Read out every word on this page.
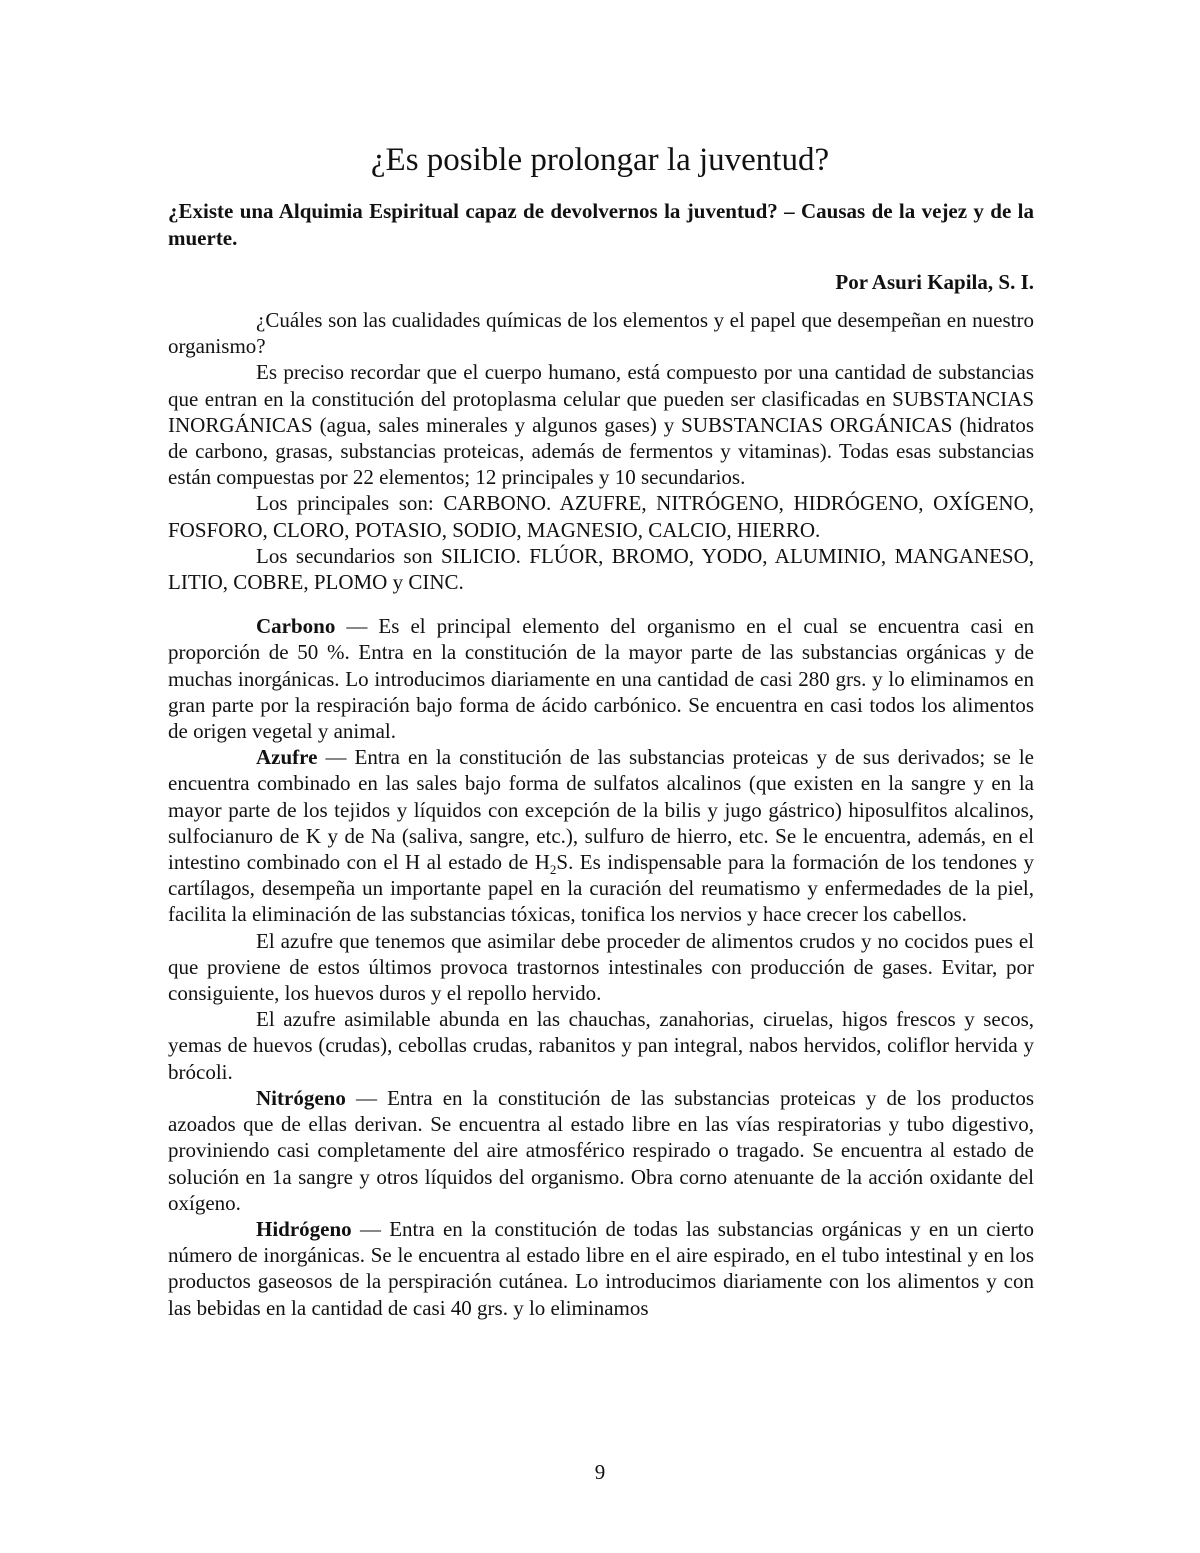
¿Es posible prolongar la juventud?

¿Existe una Alquimia Espiritual capaz de devolvernos la juventud? – Causas de la vejez y de la muerte.

Por Asuri Kapila, S. I.

¿Cuáles son las cualidades químicas de los elementos y el papel que desempeñan en nuestro organismo?

Es preciso recordar que el cuerpo humano, está compuesto por una cantidad de substancias que entran en la constitución del protoplasma celular que pueden ser clasificadas en SUBSTANCIAS INORGÁNICAS (agua, sales minerales y algunos gases) y SUBSTANCIAS ORGÁNICAS (hidratos de carbono, grasas, substancias proteicas, además de fermentos y vitaminas). Todas esas substancias están compuestas por 22 elementos; 12 principales y 10 secundarios.

Los principales son: CARBONO. AZUFRE, NITRÓGENO, HIDRÓGENO, OXÍGENO, FOSFORO, CLORO, POTASIO, SODIO, MAGNESIO, CALCIO, HIERRO.

Los secundarios son SILICIO. FLÚOR, BROMO, YODO, ALUMINIO, MANGANESO, LITIO, COBRE, PLOMO y CINC.

Carbono — Es el principal elemento del organismo en el cual se encuentra casi en proporción de 50 %. Entra en la constitución de la mayor parte de las substancias orgánicas y de muchas inorgánicas. Lo introducimos diariamente en una cantidad de casi 280 grs. y lo eliminamos en gran parte por la respiración bajo forma de ácido carbónico. Se encuentra en casi todos los alimentos de origen vegetal y animal.

Azufre — Entra en la constitución de las substancias proteicas y de sus derivados; se le encuentra combinado en las sales bajo forma de sulfatos alcalinos (que existen en la sangre y en la mayor parte de los tejidos y líquidos con excepción de la bilis y jugo gástrico) hiposulfitos alcalinos, sulfocianuro de K y de Na (saliva, sangre, etc.), sulfuro de hierro, etc. Se le encuentra, además, en el intestino combinado con el H al estado de $H_2S$. Es indispensable para la formación de los tendones y cartílagos, desempeña un importante papel en la curación del reumatismo y enfermedades de la piel, facilita la eliminación de las substancias tóxicas, tonifica los nervios y hace crecer los cabellos.

El azufre que tenemos que asimilar debe proceder de alimentos crudos y no cocidos pues el que proviene de estos últimos provoca trastornos intestinales con producción de gases. Evitar, por consiguiente, los huevos duros y el repollo hervido.

El azufre asimilable abunda en las chauchas, zanahorias, ciruelas, higos frescos y secos, yemas de huevos (crudas), cebollas crudas, rabanitos y pan integral, nabos hervidos, coliflor hervida y brócoli.

Nitrógeno — Entra en la constitución de las substancias proteicas y de los productos azoados que de ellas derivan. Se encuentra al estado libre en las vías respiratorias y tubo digestivo, proviniendo casi completamente del aire atmosférico respirado o tragado. Se encuentra al estado de solución en 1a sangre y otros líquidos del organismo. Obra corno atenuante de la acción oxidante del oxígeno.

Hidrógeno — Entra en la constitución de todas las substancias orgánicas y en un cierto número de inorgánicas. Se le encuentra al estado libre en el aire espirado, en el tubo intestinal y en los productos gaseosos de la perspiración cutánea. Lo introducimos diariamente con los alimentos y con las bebidas en la cantidad de casi 40 grs. y lo eliminamos

9
